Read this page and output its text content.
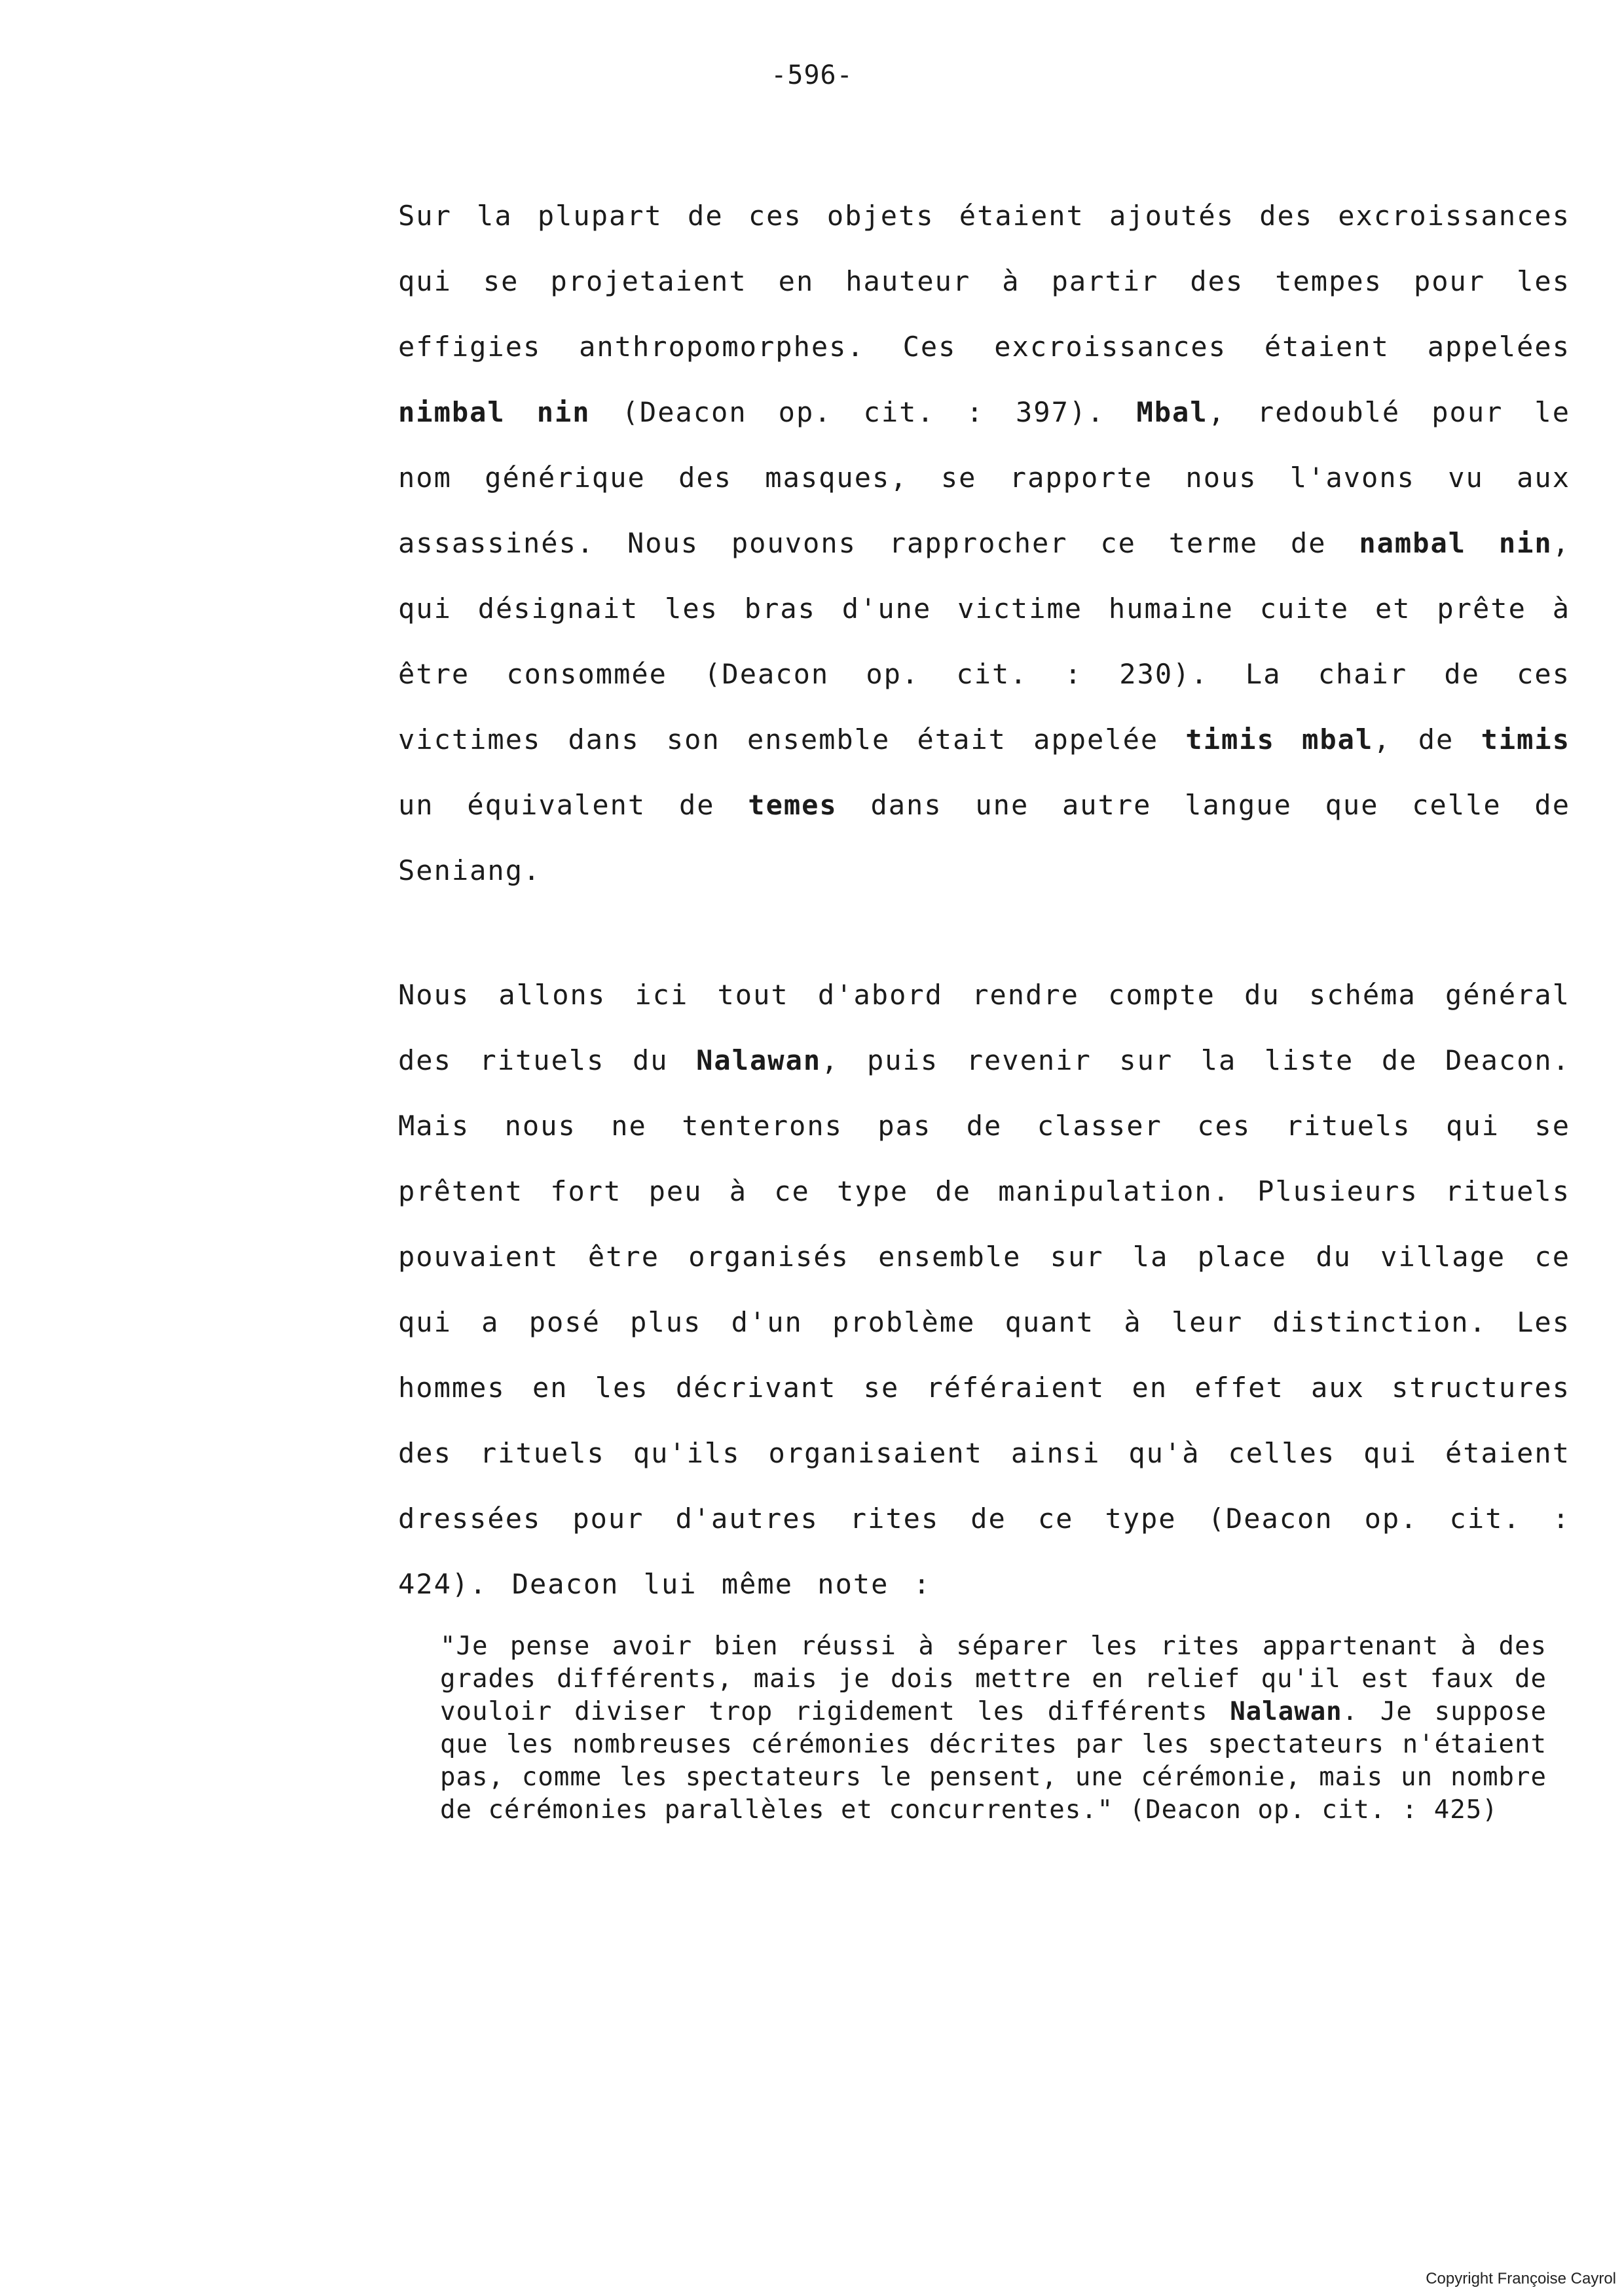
-596-

Sur la plupart de ces objets étaient ajoutés des excroissances qui se projetaient en hauteur à partir des tempes pour les effigies anthropomorphes. Ces excroissances étaient appelées nimbal nin (Deacon op. cit. : 397). Mbal, redoublé pour le nom générique des masques, se rapporte nous l'avons vu aux assassinés. Nous pouvons rapprocher ce terme de nambal nin, qui désignait les bras d'une victime humaine cuite et prête à être consommée (Deacon op. cit. : 230). La chair de ces victimes dans son ensemble était appelée timis mbal, de timis un équivalent de temes dans une autre langue que celle de Seniang.

Nous allons ici tout d'abord rendre compte du schéma général des rituels du Nalawan, puis revenir sur la liste de Deacon. Mais nous ne tenterons pas de classer ces rituels qui se prêtent fort peu à ce type de manipulation. Plusieurs rituels pouvaient être organisés ensemble sur la place du village ce qui a posé plus d'un problème quant à leur distinction. Les hommes en les décrivant se référaient en effet aux structures des rituels qu'ils organisaient ainsi qu'à celles qui étaient dressées pour d'autres rites de ce type (Deacon op. cit. : 424). Deacon lui même note :

"Je pense avoir bien réussi à séparer les rites appartenant à des grades différents, mais je dois mettre en relief qu'il est faux de vouloir diviser trop rigidement les différents Nalawan. Je suppose que les nombreuses cérémonies décrites par les spectateurs n'étaient pas, comme les spectateurs le pensent, une cérémonie, mais un nombre de cérémonies parallèles et concurrentes." (Deacon op. cit. : 425)

Copyright Françoise Cayrol
